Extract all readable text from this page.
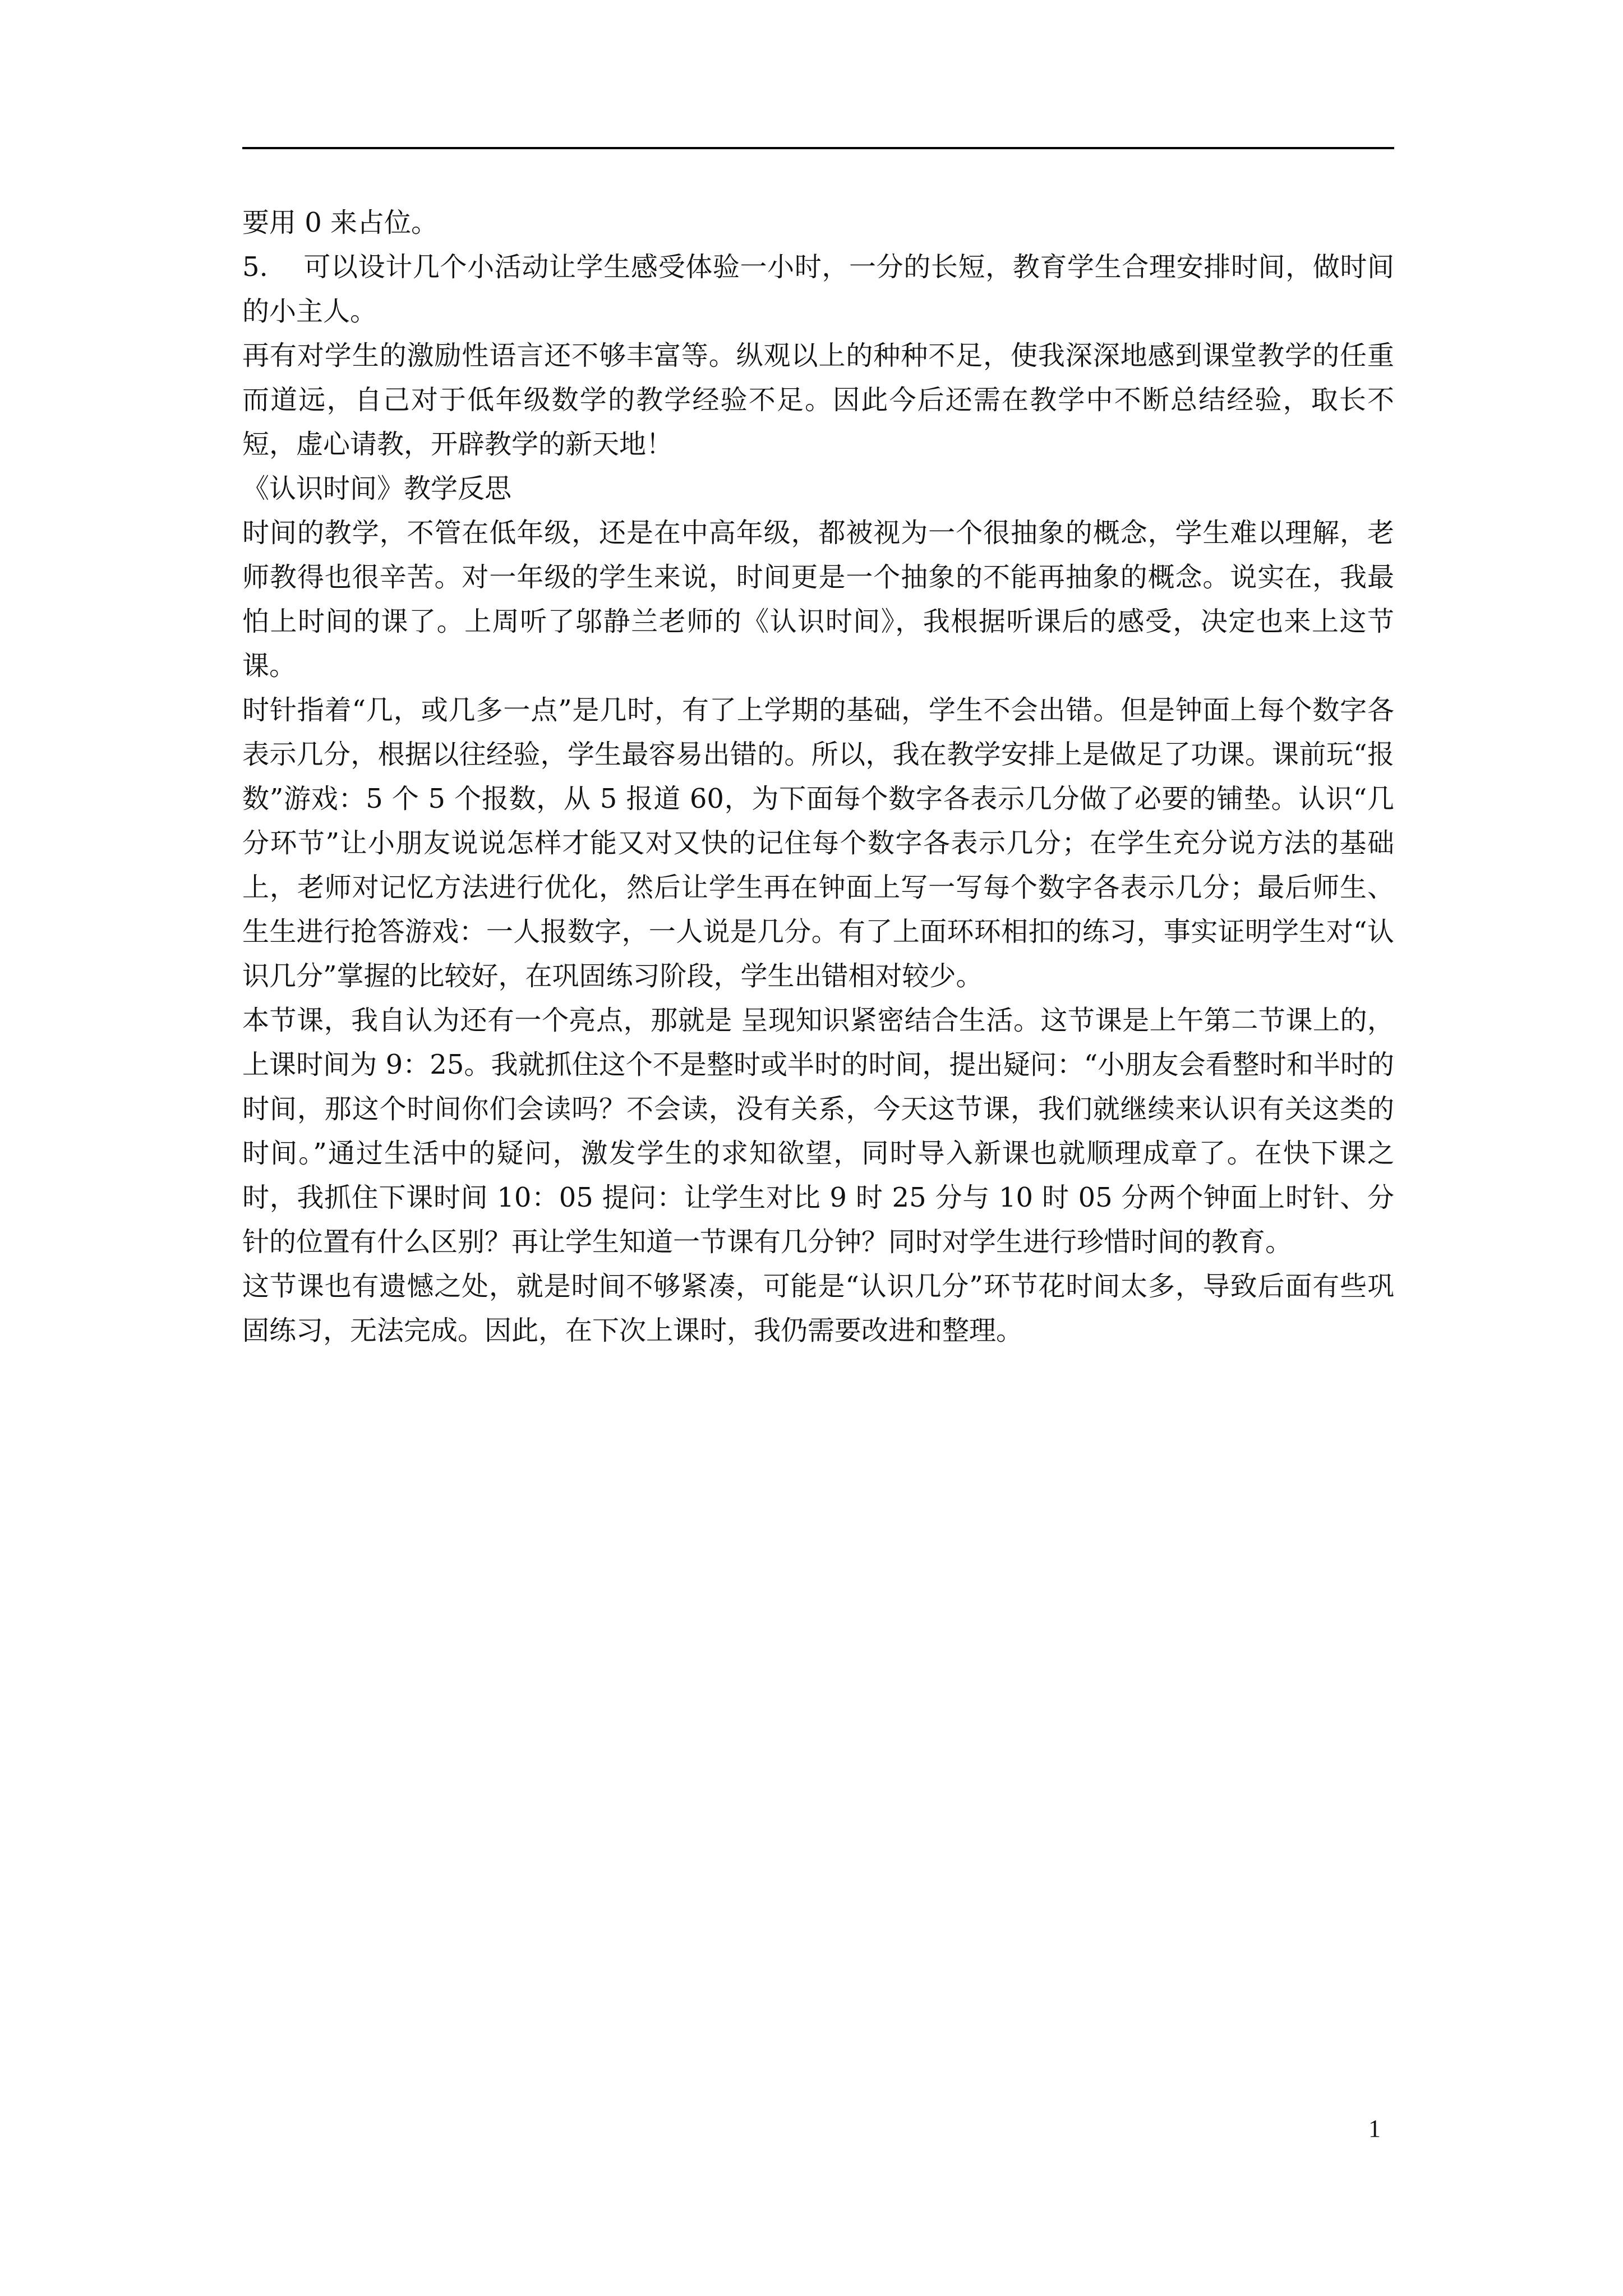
要用 0 来占位。

5.    可以设计几个小活动让学生感受体验一小时，一分的长短，教育学生合理安排时间，做时间的小主人。

再有对学生的激励性语言还不够丰富等。纵观以上的种种不足，使我深深地感到课堂教学的任重而道远，自己对于低年级数学的教学经验不足。因此今后还需在教学中不断总结经验，取长不短，虚心请教，开辟教学的新天地！

《认识时间》教学反思

时间的教学，不管在低年级，还是在中高年级，都被视为一个很抽象的概念，学生难以理解，老师教得也很辛苦。对一年级的学生来说，时间更是一个抽象的不能再抽象的概念。说实在，我最怕上时间的课了。上周听了邬静兰老师的《认识时间》，我根据听课后的感受，决定也来上这节课。

时针指着“几，或几多一点”是几时，有了上学期的基础，学生不会出错。但是钟面上每个数字各表示几分，根据以往经验，学生最容易出错的。所以，我在教学安排上是做足了功课。课前玩“报数”游戏：5 个 5 个报数，从 5 报道 60，为下面每个数字各表示几分做了必要的铺垫。认识“几分环节”让小朋友说说怎样才能又对又快的记住每个数字各表示几分；在学生充分说方法的基础上，老师对记忆方法进行优化，然后让学生再在钟面上写一写每个数字各表示几分；最后师生、生生进行抢答游戏：一人报数字，一人说是几分。有了上面环环相扣的练习，事实证明学生对“认识几分”掌握的比较好，在巩固练习阶段，学生出错相对较少。

本节课，我自认为还有一个亮点，那就是 呈现知识紧密结合生活。这节课是上午第二节课上的，上课时间为 9：25。我就抓住这个不是整时或半时的时间，提出疑问：“小朋友会看整时和半时的时间，那这个时间你们会读吗？不会读，没有关系，今天这节课，我们就继续来认识有关这类的时间。”通过生活中的疑问，激发学生的求知欲望，同时导入新课也就顺理成章了。在快下课之时，我抓住下课时间 10：05 提问：让学生对比 9 时 25 分与 10 时 05 分两个钟面上时针、分针的位置有什么区别？再让学生知道一节课有几分钟？同时对学生进行珍惜时间的教育。

这节课也有遗憾之处，就是时间不够紧凑，可能是“认识几分”环节花时间太多，导致后面有些巩固练习，无法完成。因此，在下次上课时，我仍需要改进和整理。

1
